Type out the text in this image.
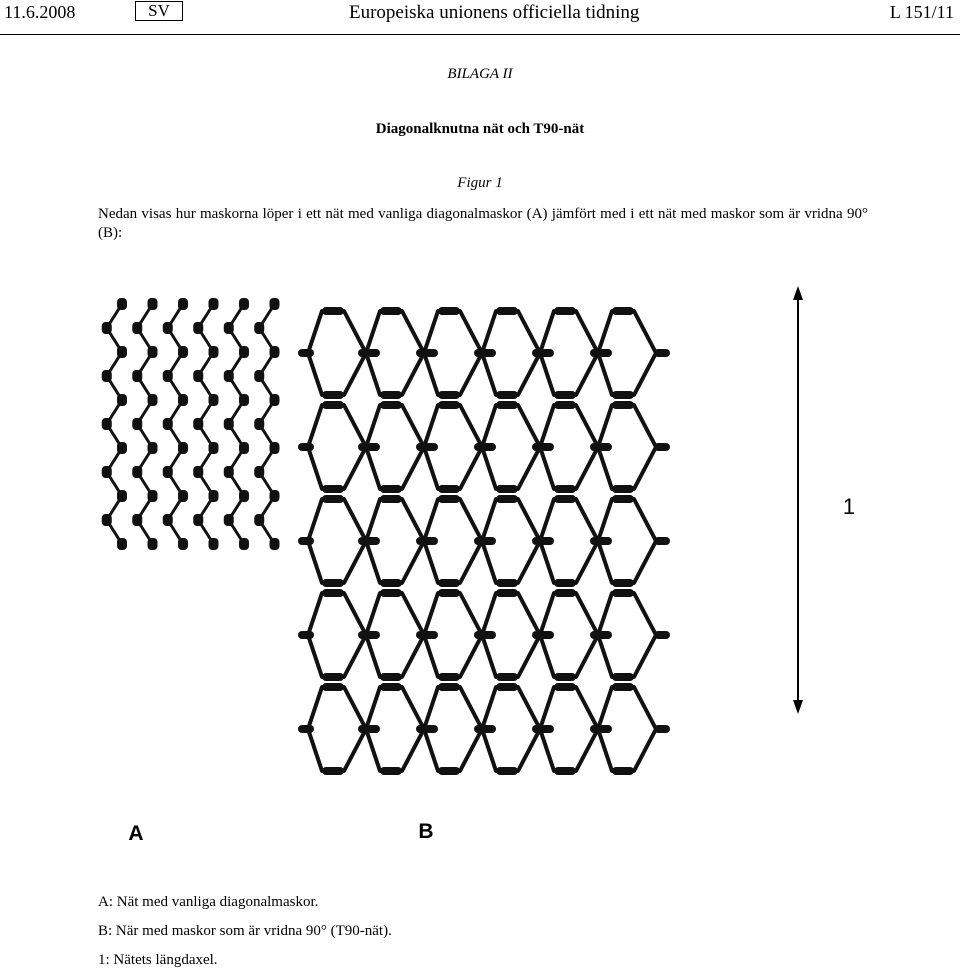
11.6.2008	SV	Europeiska unionens officiella tidning	L 151/11
BILAGA II
Diagonalknutna nät och T90-nät
Figur 1
Nedan visas hur maskorna löper i ett nät med vanliga diagonalmaskor (A) jämfört med i ett nät med maskor som är vridna 90° (B):
1
A	B
A: Nät med vanliga diagonalmaskor.
B: När med maskor som är vridna 90° (T90-nät).
1: Nätets längdaxel.
